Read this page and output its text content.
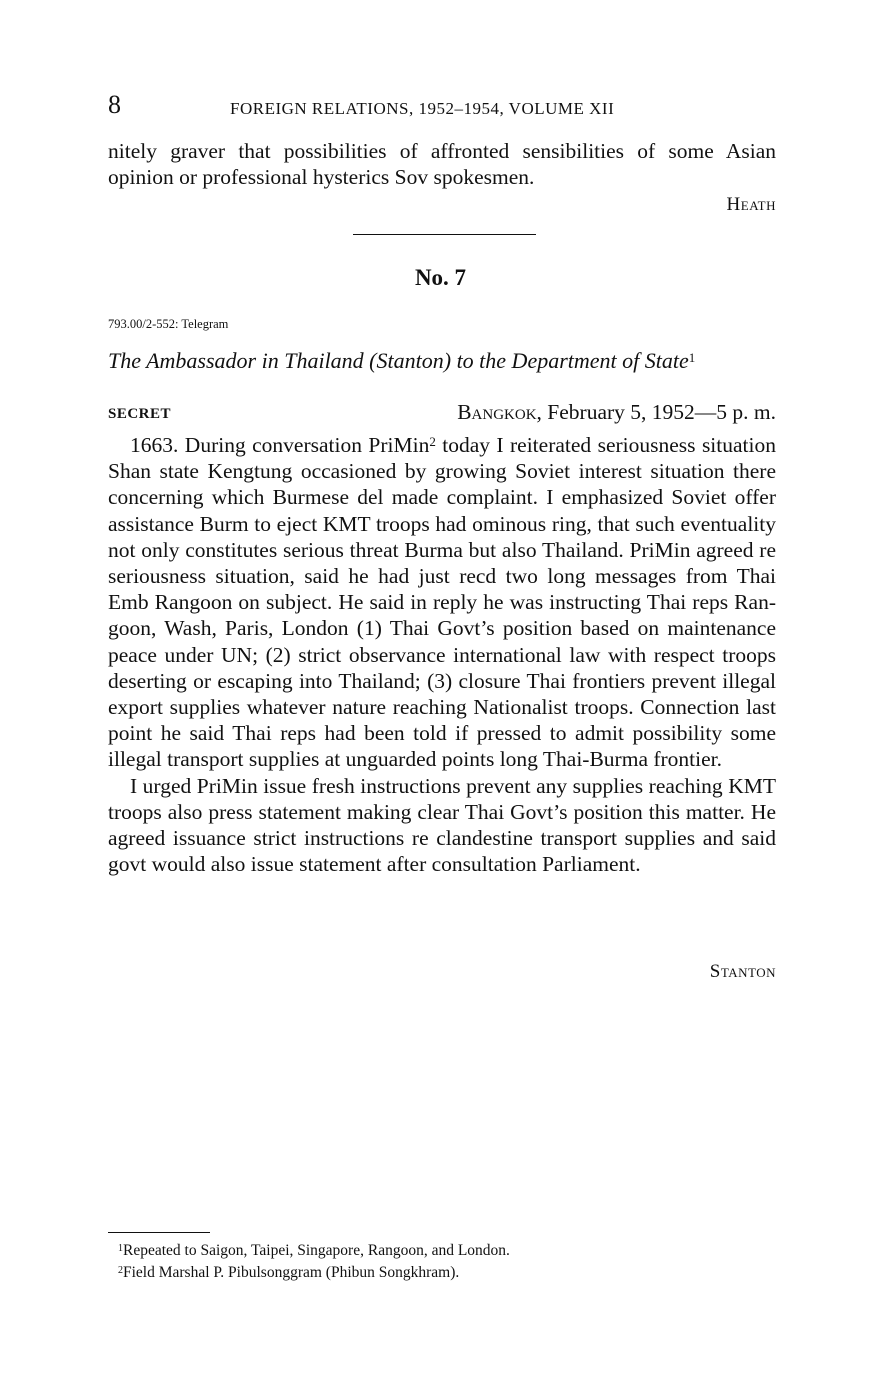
8	FOREIGN RELATIONS, 1952–1954, VOLUME XII
nitely graver that possibilities of affronted sensibilities of some Asian opinion or professional hysterics Sov spokesmen.
Heath
No. 7
793.00/2-552: Telegram
The Ambassador in Thailand (Stanton) to the Department of State$^1$
SECRET	Bangkok, February 5, 1952—5 p. m.

1663. During conversation PriMin$^2$ today I reiterated seriousness situation Shan state Kengtung occasioned by growing Soviet interest situation there concerning which Burmese del made complaint. I emphasized Soviet offer assistance Burm to eject KMT troops had ominous ring, that such eventuality not only constitutes serious threat Burma but also Thailand. PriMin agreed re seriousness situation, said he had just recd two long messages from Thai Emb Rangoon on subject. He said in reply he was instructing Thai reps Rangoon, Wash, Paris, London (1) Thai Govt’s position based on maintenance peace under UN; (2) strict observance international law with respect troops deserting or escaping into Thailand; (3) closure Thai frontiers prevent illegal export supplies whatever nature reaching Nationalist troops. Connection last point he said Thai reps had been told if pressed to admit possibility some illegal transport supplies at unguarded points long Thai-Burma frontier.

I urged PriMin issue fresh instructions prevent any supplies reaching KMT troops also press statement making clear Thai Govt’s position this matter. He agreed issuance strict instructions re clandestine transport supplies and said govt would also issue statement after consultation Parliament.

Stanton
$^1$Repeated to Saigon, Taipei, Singapore, Rangoon, and London.
$^2$Field Marshal P. Pibulsonggram (Phibun Songkhram).
